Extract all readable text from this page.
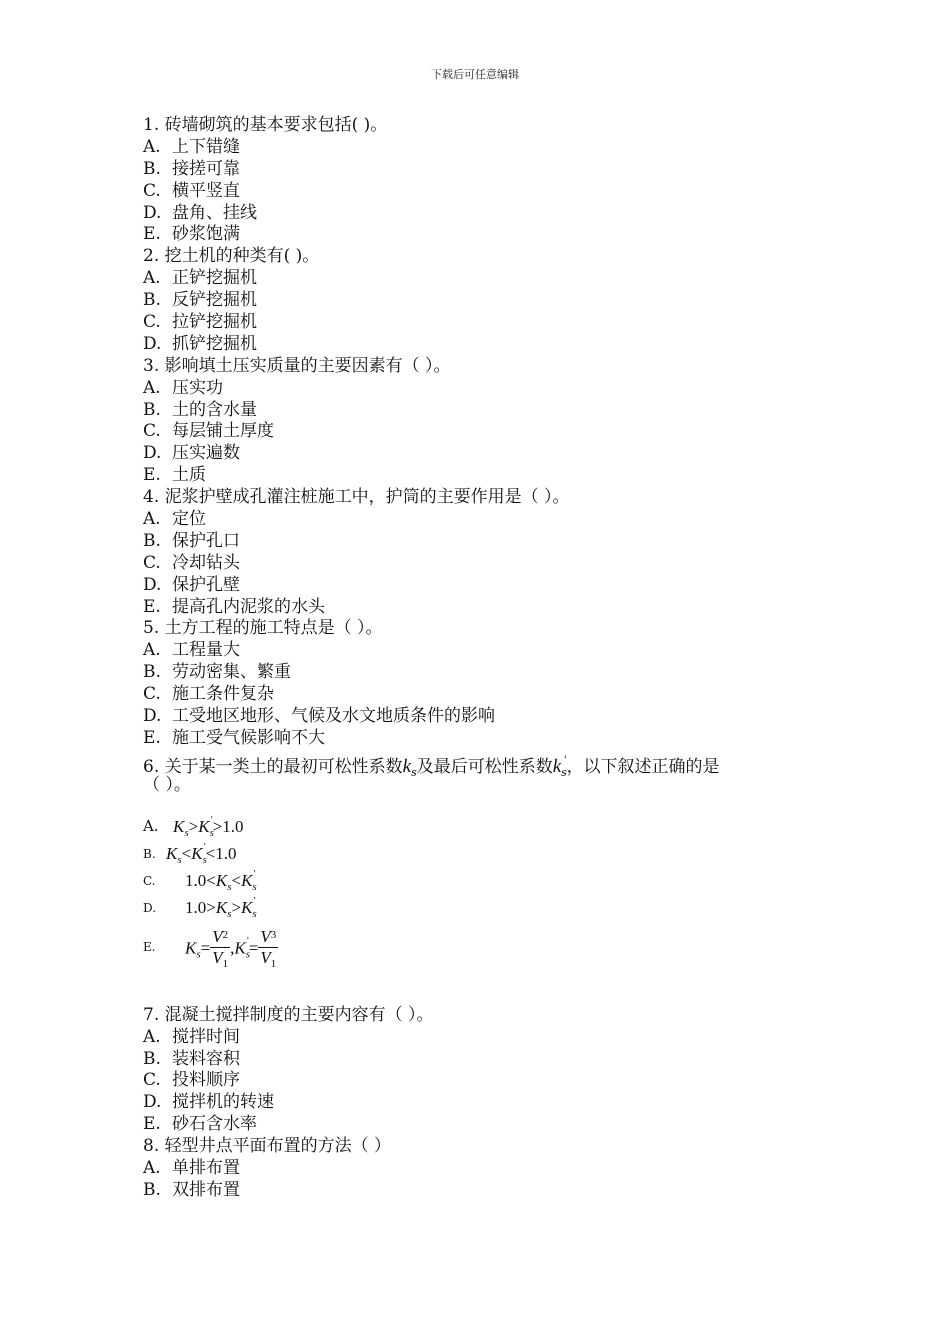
下载后可任意编辑
1. 砖墙砌筑的基本要求包括( )。
A. 上下错缝
B. 接搓可靠
C. 横平竖直
D. 盘角、挂线
E. 砂浆饱满
2. 挖土机的种类有( )。
A. 正铲挖掘机
B. 反铲挖掘机
C. 拉铲挖掘机
D. 抓铲挖掘机
3. 影响填土压实质量的主要因素有（ ）。
A. 压实功
B. 土的含水量
C. 每层铺土厚度
D. 压实遍数
E. 土质
4. 泥浆护壁成孔灌注桩施工中，护筒的主要作用是（ ）。
A. 定位
B. 保护孔口
C. 冷却钻头
D. 保护孔壁
E. 提高孔内泥浆的水头
5. 土方工程的施工特点是（ ）。
A. 工程量大
B. 劳动密集、繁重
C. 施工条件复杂
D. 工受地区地形、气候及水文地质条件的影响
E. 施工受气候影响不大
6. 关于某一类土的最初可松性系数$k_s$及最后可松性系数$k_s'$，以下叙述正确的是
（ ）。
A. $K_s>K_s'>1.0$
B. $K_s<K_s'<1.0$
C. $1.0<K_s<K_s'$
D. $1.0>K_s>K_s'$
E. $K_s= \frac{V^2}{V_1} ,K_s'= \frac{V^3}{V_1}$
7. 混凝土搅拌制度的主要内容有（ ）。
A. 搅拌时间
B. 装料容积
C. 投料顺序
D. 搅拌机的转速
E. 砂石含水率
8. 轻型井点平面布置的方法（ ）
A. 单排布置
B. 双排布置
